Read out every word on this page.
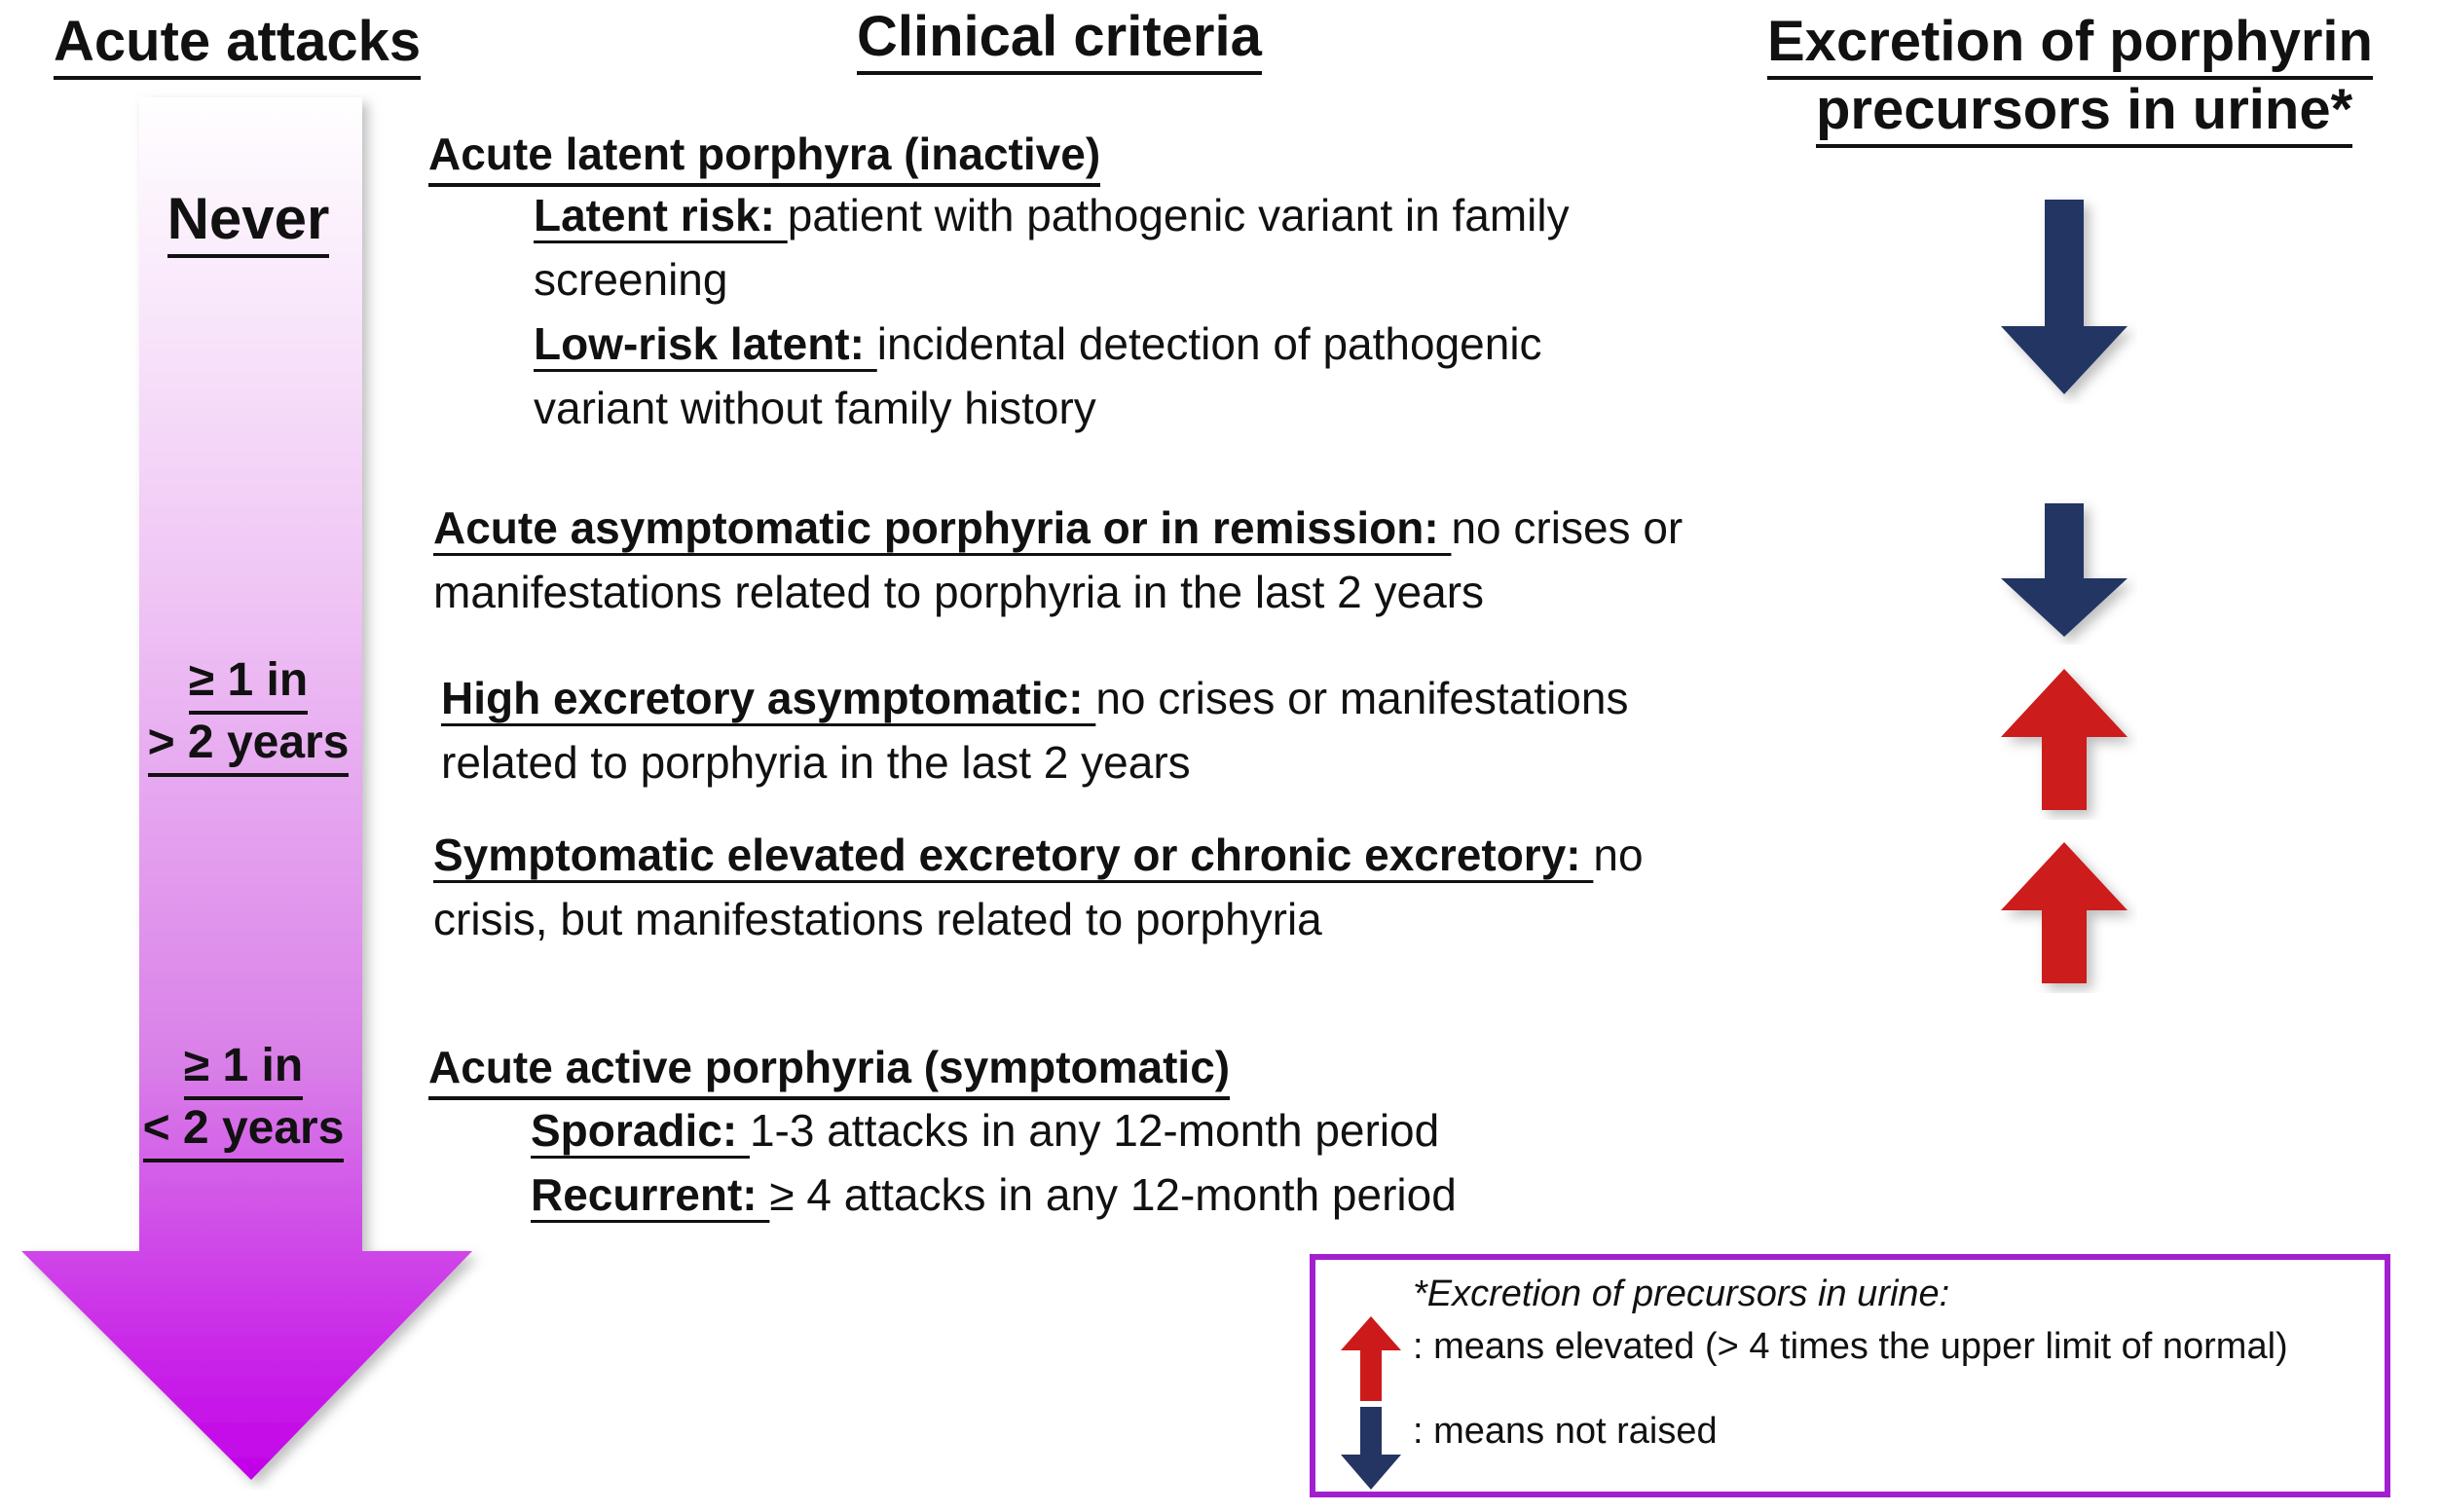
Acute attacks	Clinical criteria	Excretion of porphyrin
precursors in urine*
Never
≥ 1 in
> 2 years
≥ 1 in
< 2 years
Acute latent porphyra (inactive)
Latent risk: patient with pathogenic variant in family screening
Low-risk latent: incidental detection of pathogenic variant without family history
Acute asymptomatic porphyria or in remission: no crises or manifestations related to porphyria in the last 2 years
High excretory asymptomatic: no crises or manifestations related to porphyria in the last 2 years
Symptomatic elevated excretory or chronic excretory: no crisis, but manifestations related to porphyria
Acute active porphyria (symptomatic)
Sporadic: 1-3 attacks in any 12-month period
Recurrent: ≥ 4 attacks in any 12-month period
*Excretion of precursors in urine:
: means elevated (> 4 times the upper limit of normal)
: means not raised
